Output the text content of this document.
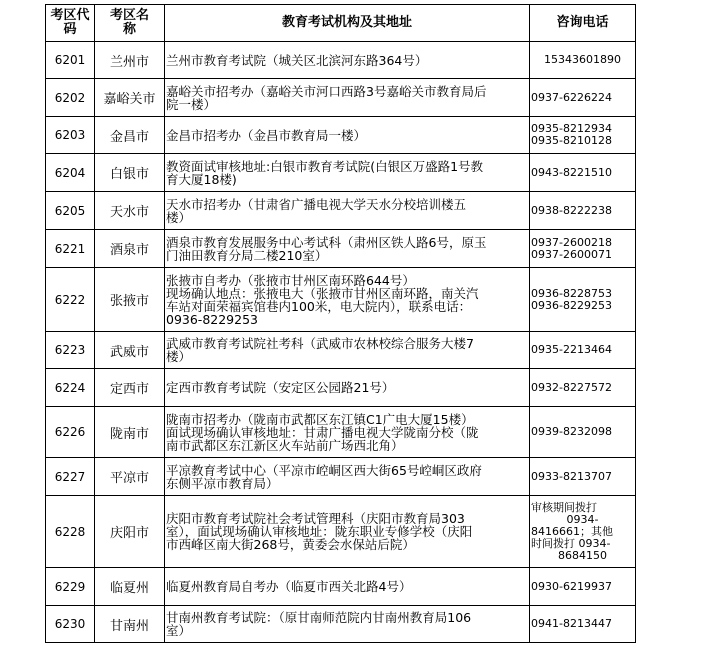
考区代码	考区名称	教育考试机构及其地址	咨询电话
6201	兰州市	兰州市教育考试院（城关区北滨河东路364号）	15343601890

6202	嘉峪关市	嘉峪关市招考办（嘉峪关市河口西路3号嘉峪关市教育局后
院一楼）	0937-6226224

6203	金昌市	金昌市招考办（金昌市教育局一楼）	0935-8212934
0935-8210128

6204	白银市	教资面试审核地址:白银市教育考试院(白银区万盛路1号教
育大厦18楼)	0943-8221510

6205	天水市	天水市招考办（甘肃省广播电视大学天水分校培训楼五
楼）	0938-8222238

6221	酒泉市	酒泉市教育发展服务中心考试科（肃州区铁人路6号，原玉
门油田教育分局二楼210室）	0937-2600218
0937-2600071

6222	张掖市	张掖市自考办（张掖市甘州区南环路644号）
现场确认地点：张掖电大（张掖市甘州区南环路，南关汽
车站对面荣福宾馆巷内100米，电大院内），联系电话：
0936-8229253	0936-8228753
0936-8229253

6223	武威市	武威市教育考试院社考科（武威市农林校综合服务大楼7
楼）	0935-2213464

6224	定西市	定西市教育考试院（安定区公园路21号）	0932-8227572

6226	陇南市	陇南市招考办（陇南市武都区东江镇C1广电大厦15楼）
面试现场确认审核地址：甘肃广播电视大学陇南分校（陇
南市武都区东江新区火车站前广场西北角）	0939-8232098

6227	平凉市	平凉教育考试中心（平凉市崆峒区西大街65号崆峒区政府
东侧平凉市教育局）	0933-8213707

6228	庆阳市	庆阳市教育考试院社会考试管理科（庆阳市教育局303
室），面试现场确认审核地址：陇东职业专修学校（庆阳
市西峰区南大街268号，黄委会水保站后院）	审核期间拨打
0934-
8416661；其他
时间拨打 0934-
8684150

6229	临夏州	临夏州教育局自考办（临夏市西关北路4号）	0930-6219937

6230	甘南州	甘南州教育考试院：（原甘南师范院内甘南州教育局106
室）	0941-8213447
